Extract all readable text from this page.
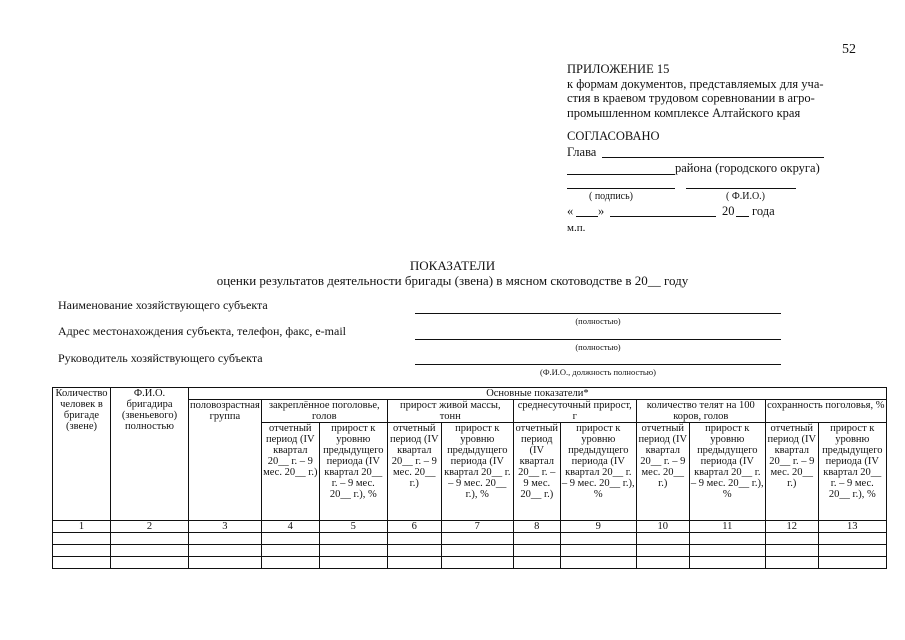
52
ПРИЛОЖЕНИЕ 15
к формам документов, представляемых для уча-
стия в краевом трудовом соревновании в агро-
промышленном комплексе Алтайского края
СОГЛАСОВАНО
Глава
района (городского округа)
( подпись)	( Ф.И.О.)
« »	20 года
м.п.
ПОКАЗАТЕЛИ
оценки результатов деятельности бригады (звена) в мясном скотоводстве в 20__ году
Наименование хозяйствующего субъекта
(полностью)
Адрес местонахождения субъекта, телефон, факс, e-mail
(полностью)
Руководитель хозяйствующего субъекта
(Ф.И.О., должность полностью)
Количество человек в бригаде (звене)	Ф.И.О. бригадира (звеньевого) полностью	Основные показатели*										
		половозрастная группа	закреплённое поголовье, голов		прирост живой массы, тонн		среднесуточный прирост, г		количество телят на 100 коров, голов		сохранность поголовья, %	
			отчетный период (IV квартал 20__ г. – 9 мес. 20__ г.)	прирост к уровню предыдущего периода (IV квартал 20__ г. – 9 мес. 20__ г.), %	отчетный период (IV квартал 20__ г. – 9 мес. 20__ г.)	прирост к уровню предыдущего периода (IV квартал 20__ г. – 9 мес. 20__ г.), %	отчетный период (IV квартал 20__ г. – 9 мес. 20__ г.)	прирост к уровню предыдущего периода (IV квартал 20__ г. – 9 мес. 20__ г.), %	отчетный период (IV квартал 20__ г. – 9 мес. 20__ г.)	прирост к уровню предыдущего периода (IV квартал 20__ г. – 9 мес. 20__ г.), %	отчетный период (IV квартал 20__ г. – 9 мес. 20__ г.)	прирост к уровню предыдущего периода (IV квартал 20__ г. – 9 мес. 20__ г.), %
1	2	3	4	5	6	7	8	9	10	11	12	13
